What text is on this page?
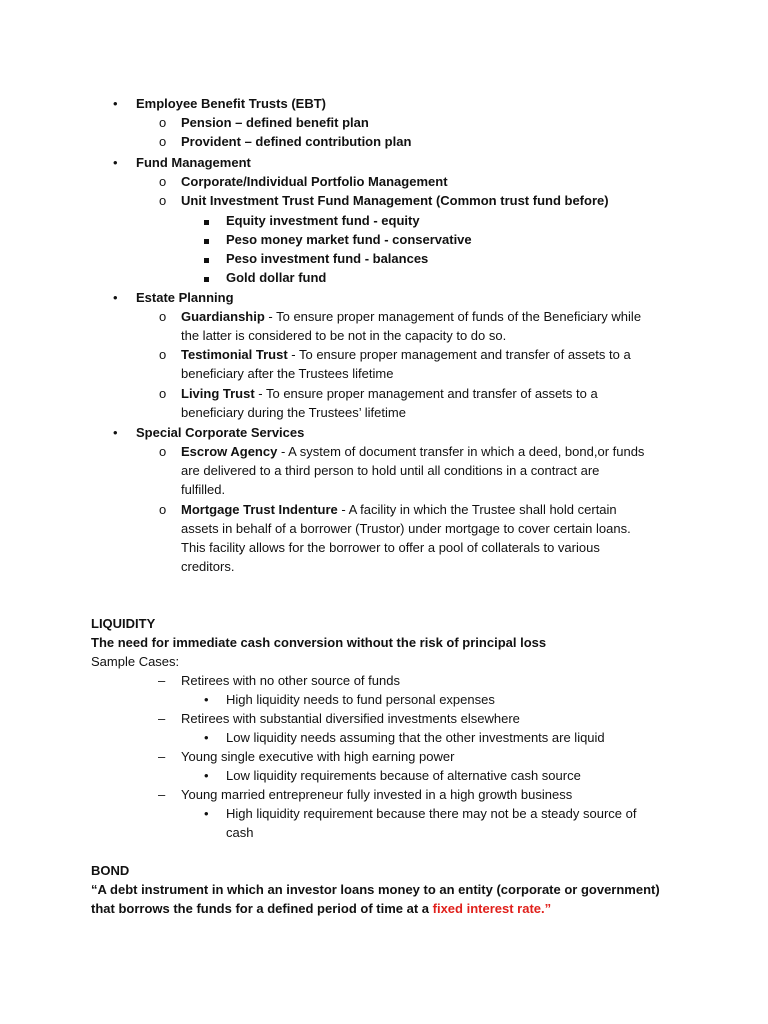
• Employee Benefit Trusts (EBT)
o Pension – defined benefit plan
o Provident – defined contribution plan
• Fund Management
o Corporate/Individual Portfolio Management
o Unit Investment Trust Fund Management (Common trust fund before)
Equity investment fund - equity
Peso money market fund - conservative
Peso investment fund - balances
Gold dollar fund
• Estate Planning
o Guardianship - To ensure proper management of funds of the Beneficiary while
the latter is considered to be not in the capacity to do so.
o Testimonial Trust - To ensure proper management and transfer of assets to a
beneficiary after the Trustees lifetime
o Living Trust - To ensure proper management and transfer of assets to a
beneficiary during the Trustees’ lifetime
• Special Corporate Services
o Escrow Agency - A system of document transfer in which a deed, bond,or funds
are delivered to a third person to hold until all conditions in a contract are
fulfilled.
o Mortgage Trust Indenture - A facility in which the Trustee shall hold certain
assets in behalf of a borrower (Trustor) under mortgage to cover certain loans.
This facility allows for the borrower to offer a pool of collaterals to various
creditors.
LIQUIDITY
The need for immediate cash conversion without the risk of principal loss
Sample Cases:
– Retirees with no other source of funds
• High liquidity needs to fund personal expenses
– Retirees with substantial diversified investments elsewhere
• Low liquidity needs assuming that the other investments are liquid
– Young single executive with high earning power
• Low liquidity requirements because of alternative cash source
– Young married entrepreneur fully invested in a high growth business
• High liquidity requirement because there may not be a steady source of
cash
BOND
“A debt instrument in which an investor loans money to an entity (corporate or government)
that borrows the funds for a defined period of time at a fixed interest rate.”
